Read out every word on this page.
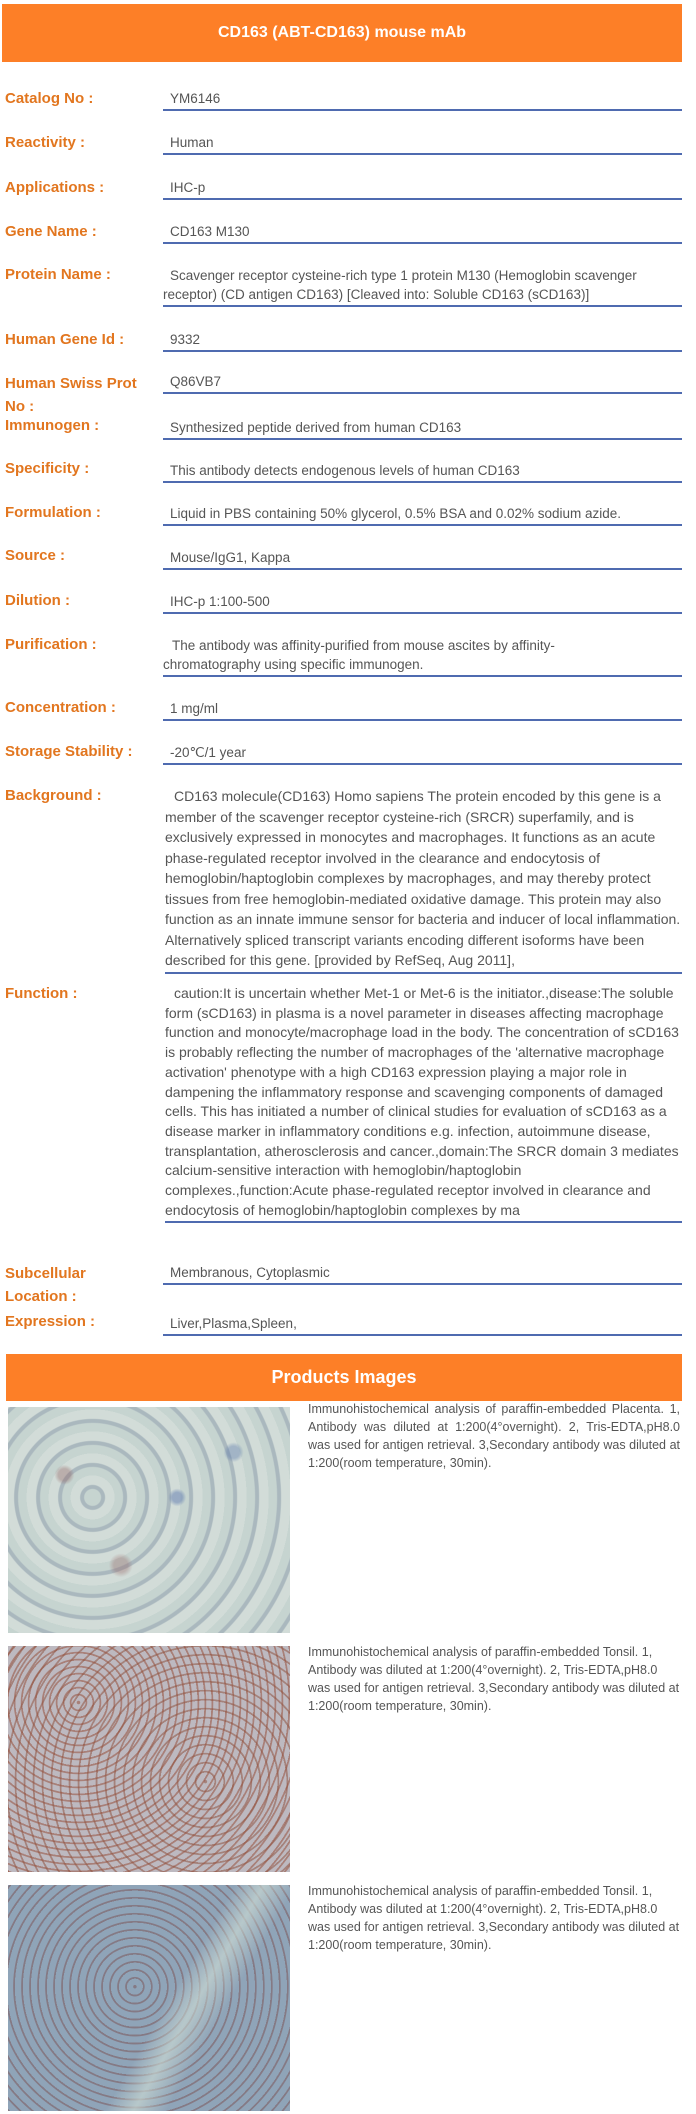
CD163 (ABT-CD163) mouse mAb
Catalog No :	YM6146
Reactivity :	Human
Applications :	IHC-p
Gene Name :	CD163 M130
Protein Name :	Scavenger receptor cysteine-rich type 1 protein M130 (Hemoglobin scavenger receptor) (CD antigen CD163) [Cleaved into: Soluble CD163 (sCD163)]
Human Gene Id :	9332
Human Swiss Prot No :
Q86VB7
Immunogen :	Synthesized peptide derived from human CD163
Specificity :	This antibody detects endogenous levels of human CD163
Formulation :	Liquid in PBS containing 50% glycerol, 0.5% BSA and 0.02% sodium azide.
Source :	Mouse/IgG1, Kappa
Dilution :	IHC-p 1:100-500
Purification :	The antibody was affinity-purified from mouse ascites by affinity-chromatography using specific immunogen.
Concentration :	1 mg/ml
Storage Stability :	-20℃/1 year
Background :	CD163 molecule(CD163) Homo sapiens The protein encoded by this gene is a member of the scavenger receptor cysteine-rich (SRCR) superfamily, and is exclusively expressed in monocytes and macrophages. It functions as an acute phase-regulated receptor involved in the clearance and endocytosis of hemoglobin/haptoglobin complexes by macrophages, and may thereby protect tissues from free hemoglobin-mediated oxidative damage. This protein may also function as an innate immune sensor for bacteria and inducer of local inflammation. Alternatively spliced transcript variants encoding different isoforms have been described for this gene. [provided by RefSeq, Aug 2011],
Function :	caution:It is uncertain whether Met-1 or Met-6 is the initiator.,disease:The soluble form (sCD163) in plasma is a novel parameter in diseases affecting macrophage function and monocyte/macrophage load in the body. The concentration of sCD163 is probably reflecting the number of macrophages of the 'alternative macrophage activation' phenotype with a high CD163 expression playing a major role in dampening the inflammatory response and scavenging components of damaged cells. This has initiated a number of clinical studies for evaluation of sCD163 as a disease marker in inflammatory conditions e.g. infection, autoimmune disease, transplantation, atherosclerosis and cancer.,domain:The SRCR domain 3 mediates calcium-sensitive interaction with hemoglobin/haptoglobin complexes.,function:Acute phase-regulated receptor involved in clearance and endocytosis of hemoglobin/haptoglobin complexes by ma
Subcellular Location :
Membranous, Cytoplasmic
Expression :	Liver,Plasma,Spleen,
Products Images
Immunohistochemical analysis of paraffin-embedded Placenta. 1, Antibody was diluted at 1:200(4°overnight). 2, Tris-EDTA,pH8.0 was used for antigen retrieval. 3,Secondary antibody was diluted at 1:200(room temperature, 30min).
Immunohistochemical analysis of paraffin-embedded Tonsil. 1, Antibody was diluted at 1:200(4°overnight). 2, Tris-EDTA,pH8.0 was used for antigen retrieval. 3,Secondary antibody was diluted at 1:200(room temperature, 30min).
Immunohistochemical analysis of paraffin-embedded Tonsil. 1, Antibody was diluted at 1:200(4°overnight). 2, Tris-EDTA,pH8.0 was used for antigen retrieval. 3,Secondary antibody was diluted at 1:200(room temperature, 30min).
